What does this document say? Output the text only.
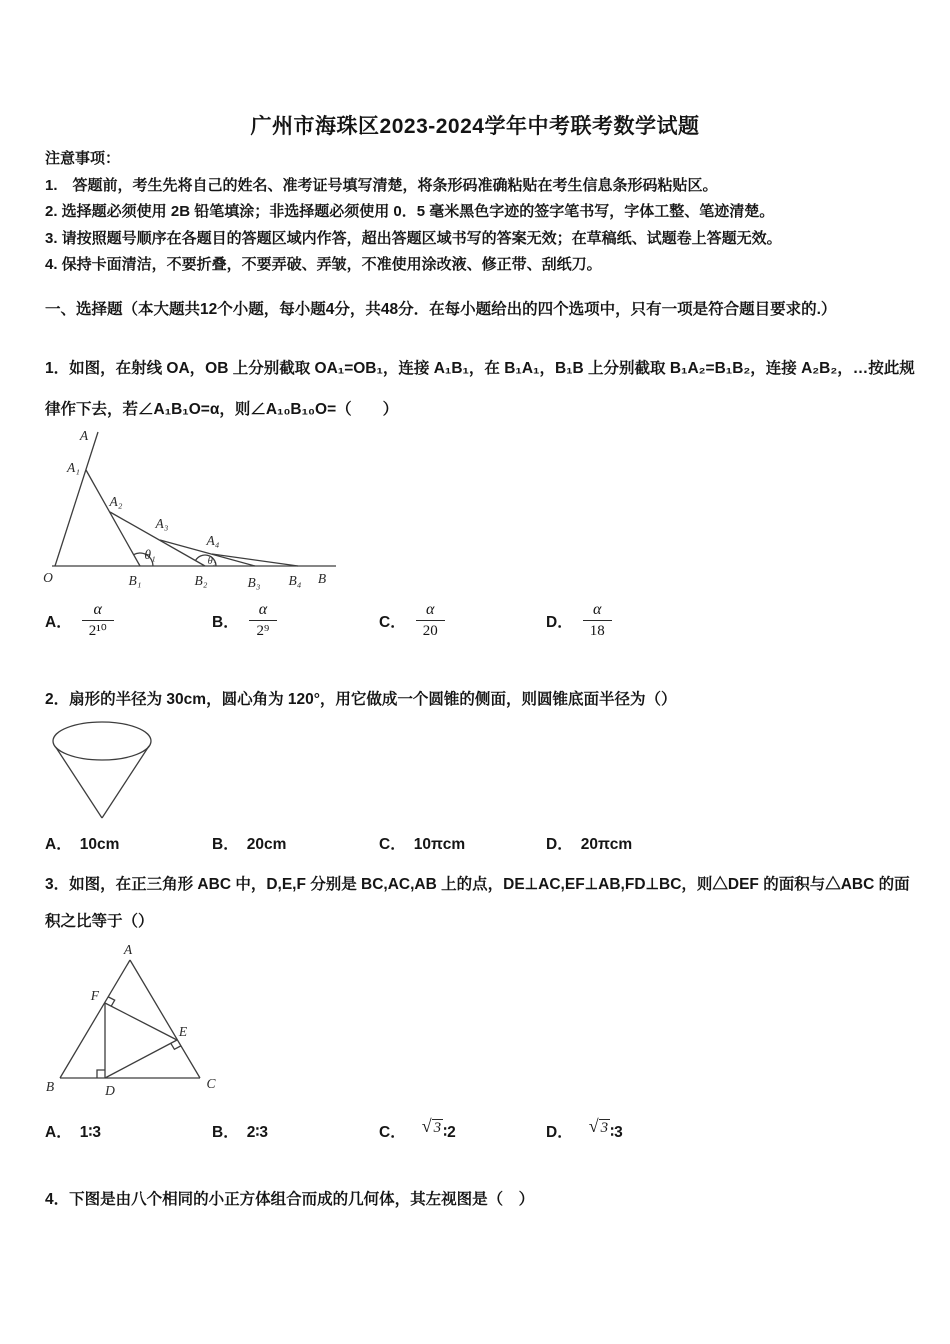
广州市海珠区2023-2024学年中考联考数学试题
注意事项：
1.　答题前，考生先将自己的姓名、准考证号填写清楚，将条形码准确粘贴在考生信息条形码粘贴区。
2. 选择题必须使用 2B 铅笔填涂；非选择题必须使用 0．5 毫米黑色字迹的签字笔书写，字体工整、笔迹清楚。
3. 请按照题号顺序在各题目的答题区域内作答，超出答题区域书写的答案无效；在草稿纸、试题卷上答题无效。
4. 保持卡面清洁，不要折叠，不要弄破、弄皱，不准使用涂改液、修正带、刮纸刀。
一、选择题（本大题共12个小题，每小题4分，共48分．在每小题给出的四个选项中，只有一项是符合题目要求的.）
1．如图，在射线 OA，OB 上分别截取 OA₁=OB₁，连接 A₁B₁，在 B₁A₁，B₁B 上分别截取 B₁A₂=B₁B₂，连接 A₂B₂，…按此规律作下去，若∠A₁B₁O=α，则∠A₁₀B₁₀O=（　　）
A
A₁
A₂
A₃
A₄
O	B₁	B₂	B₃ B₄ B
θ₁	θ₂
A． $\frac{\alpha}{\text{2¹⁰}}$	B． $\frac{\alpha}{\text{2⁹}}$	C． $\frac{\alpha}{20}$	D． $\frac{\alpha}{18}$
2．扇形的半径为 30cm，圆心角为 120°，用它做成一个圆锥的侧面，则圆锥底面半径为（）
A． 10cm	B． 20cm	C． 10πcm	D． 20πcm
3．如图，在正三角形 ABC 中，D,E,F 分别是 BC,AC,AB 上的点，DE⊥AC,EF⊥AB,FD⊥BC，则△DEF 的面积与△ABC 的面积之比等于（）
A
B	C
F
E
D
A． 1∶3	B． 2∶3	C． √ 3 ∶2	D． √ 3 ∶3
4．下图是由八个相同的小正方体组合而成的几何体，其左视图是（　）
